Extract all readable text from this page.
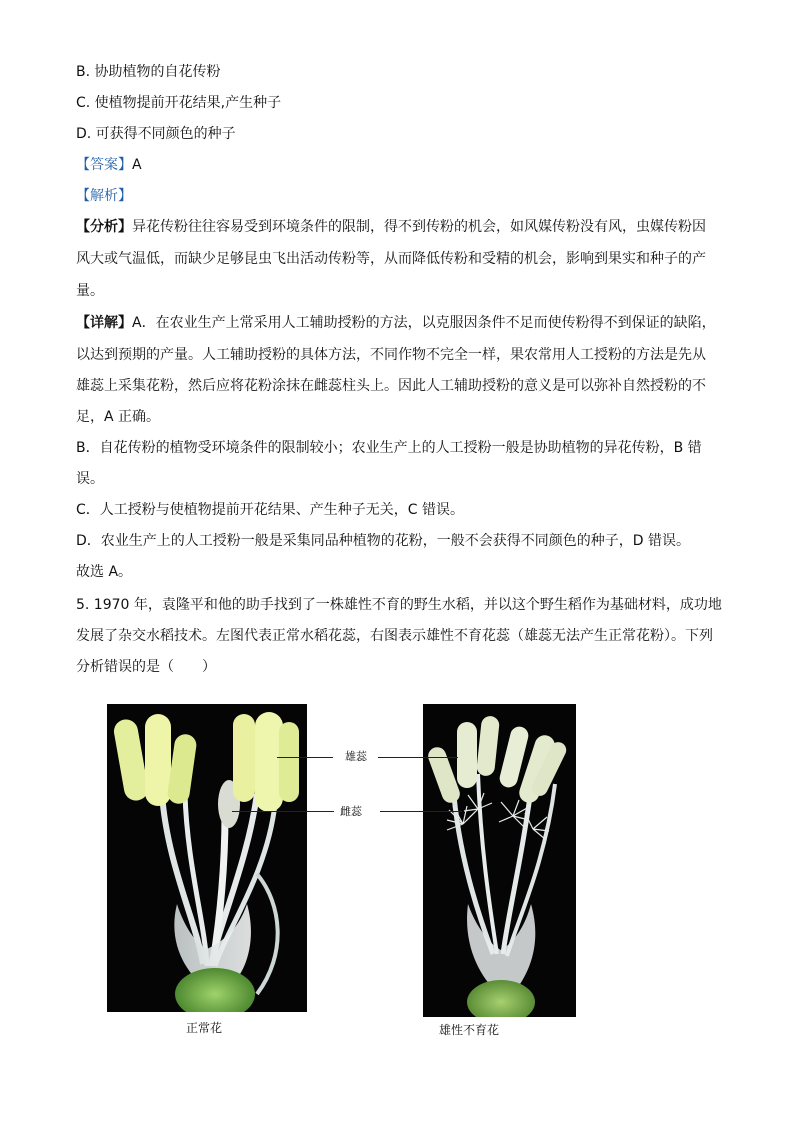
B. 协助植物的自花传粉
C. 使植物提前开花结果,产生种子
D. 可获得不同颜色的种子
【答案】A
【解析】
【分析】异花传粉往往容易受到环境条件的限制，得不到传粉的机会，如风媒传粉没有风，虫媒传粉因
风大或气温低，而缺少足够昆虫飞出活动传粉等，从而降低传粉和受精的机会，影响到果实和种子的产
量。
【详解】A．在农业生产上常采用人工辅助授粉的方法，以克服因条件不足而使传粉得不到保证的缺陷，
以达到预期的产量。人工辅助授粉的具体方法，不同作物不完全一样，果农常用人工授粉的方法是先从
雄蕊上采集花粉，然后应将花粉涂抹在雌蕊柱头上。因此人工辅助授粉的意义是可以弥补自然授粉的不
足，A 正确。
B．自花传粉的植物受环境条件的限制较小；农业生产上的人工授粉一般是协助植物的异花传粉，B 错
误。
C．人工授粉与使植物提前开花结果、产生种子无关，C 错误。
D．农业生产上的人工授粉一般是采集同品种植物的花粉，一般不会获得不同颜色的种子，D 错误。
故选 A。
5. 1970 年，袁隆平和他的助手找到了一株雄性不育的野生水稻，并以这个野生稻作为基础材料，成功地
发展了杂交水稻技术。左图代表正常水稻花蕊，右图表示雄性不育花蕊（雄蕊无法产生正常花粉）。下列
分析错误的是（　　）
雄蕊
雌蕊
正常花	雄性不育花
